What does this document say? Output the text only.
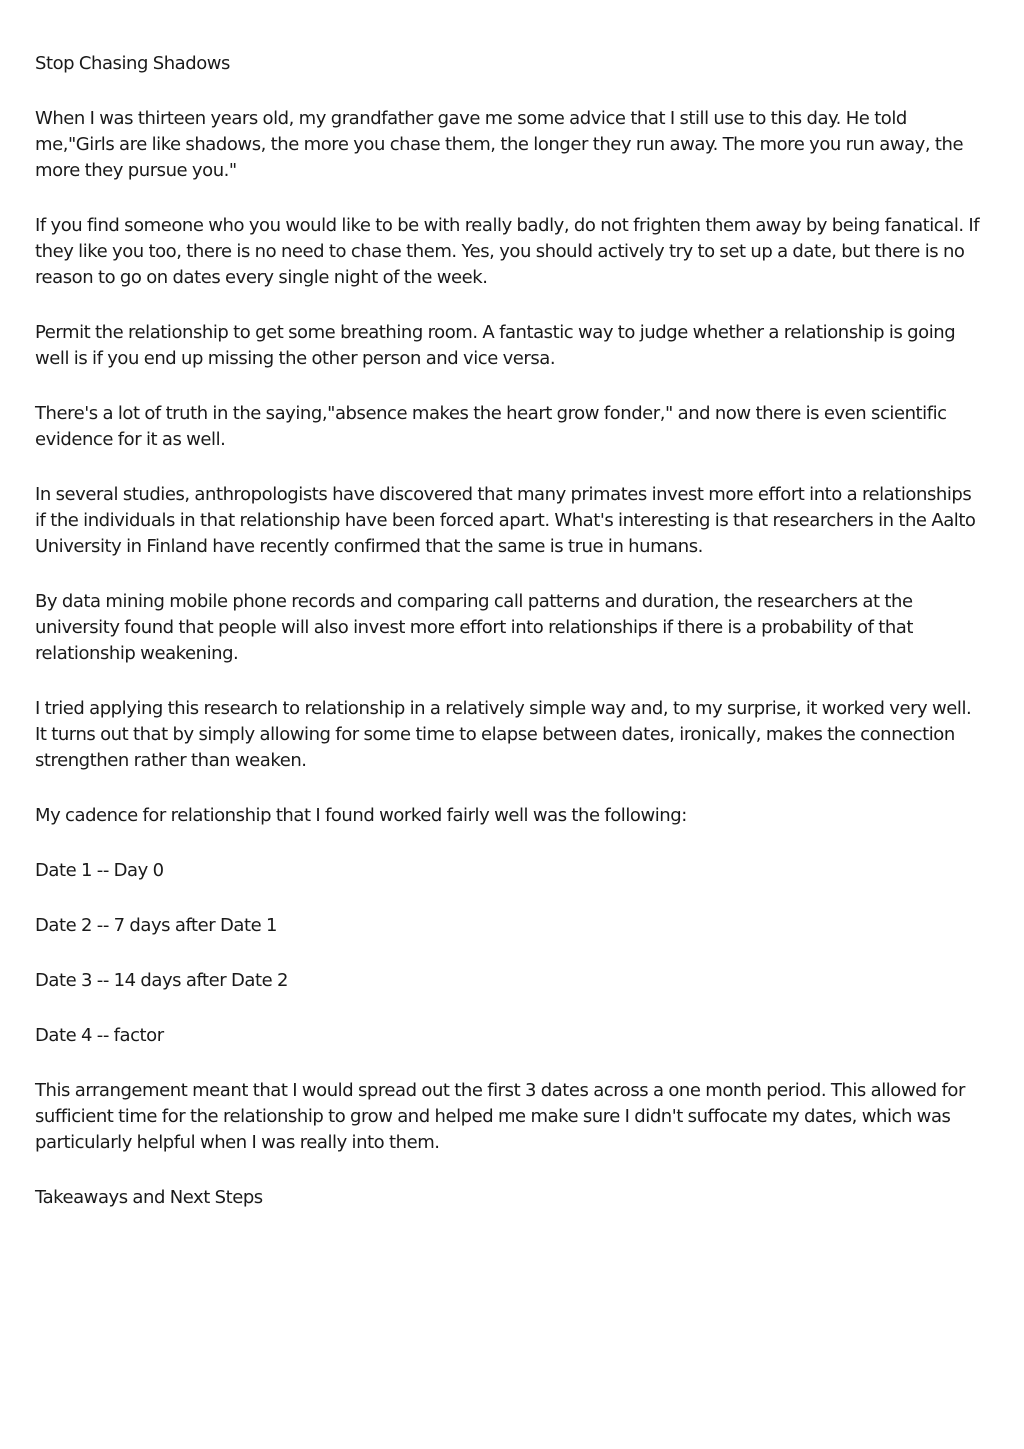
Stop Chasing Shadows

When I was thirteen years old, my grandfather gave me some advice that I still use to this day. He told me,"Girls are like shadows, the more you chase them, the longer they run away. The more you run away, the more they pursue you."

If you find someone who you would like to be with really badly, do not frighten them away by being fanatical. If they like you too, there is no need to chase them. Yes, you should actively try to set up a date, but there is no reason to go on dates every single night of the week.

Permit the relationship to get some breathing room. A fantastic way to judge whether a relationship is going well is if you end up missing the other person and vice versa.

There's a lot of truth in the saying,"absence makes the heart grow fonder," and now there is even scientific evidence for it as well.

In several studies, anthropologists have discovered that many primates invest more effort into a relationships if the individuals in that relationship have been forced apart. What's interesting is that researchers in the Aalto University in Finland have recently confirmed that the same is true in humans.

By data mining mobile phone records and comparing call patterns and duration, the researchers at the university found that people will also invest more effort into relationships if there is a probability of that relationship weakening.

I tried applying this research to relationship in a relatively simple way and, to my surprise, it worked very well. It turns out that by simply allowing for some time to elapse between dates, ironically, makes the connection strengthen rather than weaken.

My cadence for relationship that I found worked fairly well was the following:

Date 1 -- Day 0

Date 2 -- 7 days after Date 1

Date 3 -- 14 days after Date 2

Date 4 -- factor

This arrangement meant that I would spread out the first 3 dates across a one month period. This allowed for sufficient time for the relationship to grow and helped me make sure I didn't suffocate my dates, which was particularly helpful when I was really into them.

Takeaways and Next Steps
